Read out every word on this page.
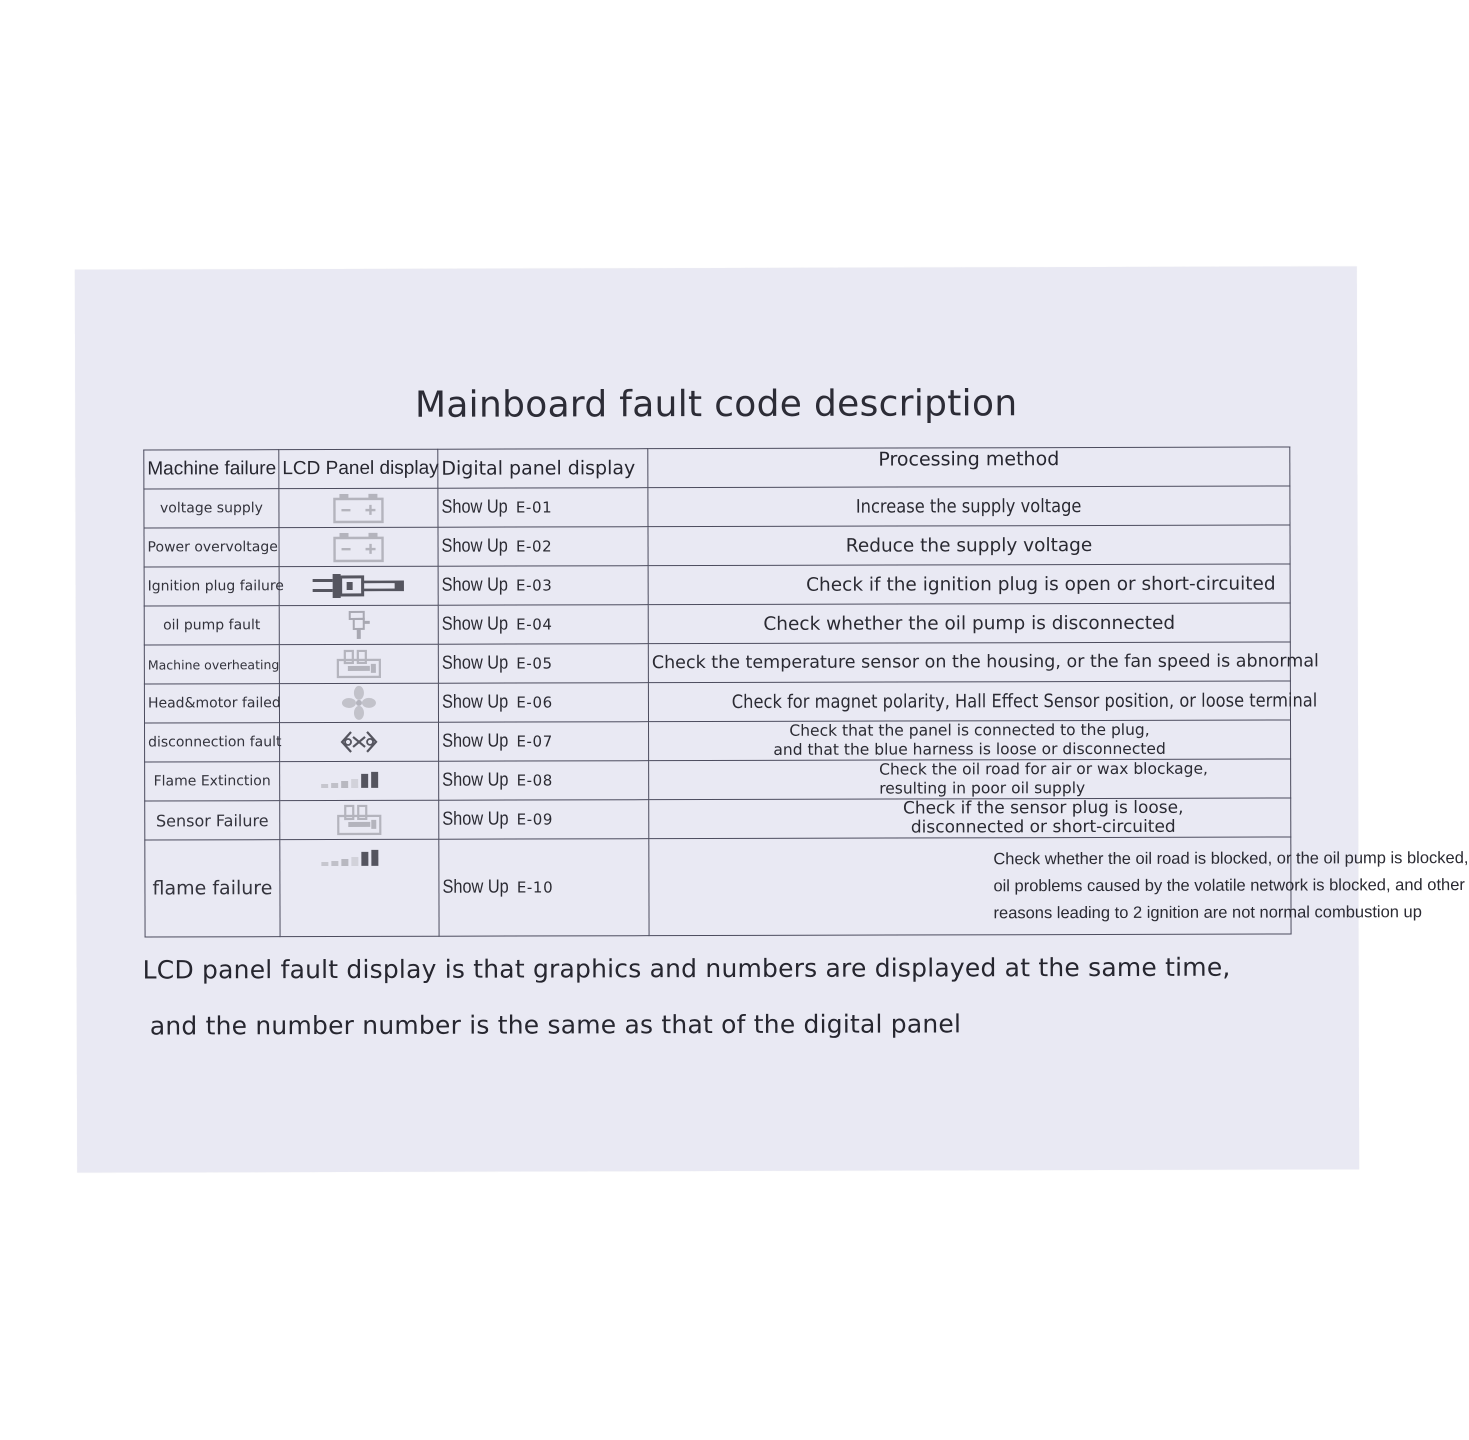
Mainboard fault code description
Machine failure	LCD Panel display	Digital panel display	Processing method
voltage supply		Show Up E-01	Increase the supply voltage
Power overvoltage		Show Up E-02	Reduce the supply voltage
Ignition plug failure		Show Up E-03	Check if the ignition plug is open or short-circuited
oil pump fault		Show Up E-04	Check whether the oil pump is disconnected
Machine overheating		Show Up E-05	Check the temperature sensor on the housing, or the fan speed is abnormal
Head&motor failed		Show Up E-06	Check for magnet polarity, Hall Effect Sensor position, or loose terminal
disconnection fault		Show Up E-07	Check that the panel is connected to the plug,
and that the blue harness is loose or disconnected

Flame Extinction		Show Up E-08	Check the oil road for air or wax blockage,
resulting in poor oil supply

Sensor Failure		Show Up E-09	Check if the sensor plug is loose,
disconnected or short-circuited

flame failure		Show Up E-10	Check whether the oil road is blocked, or the oil pump is blocked,
oil problems caused by the volatile network is blocked, and other
reasons leading to 2 ignition are not normal combustion up
LCD panel fault display is that graphics and numbers are displayed at the same time,
and the number number is the same as that of the digital panel
